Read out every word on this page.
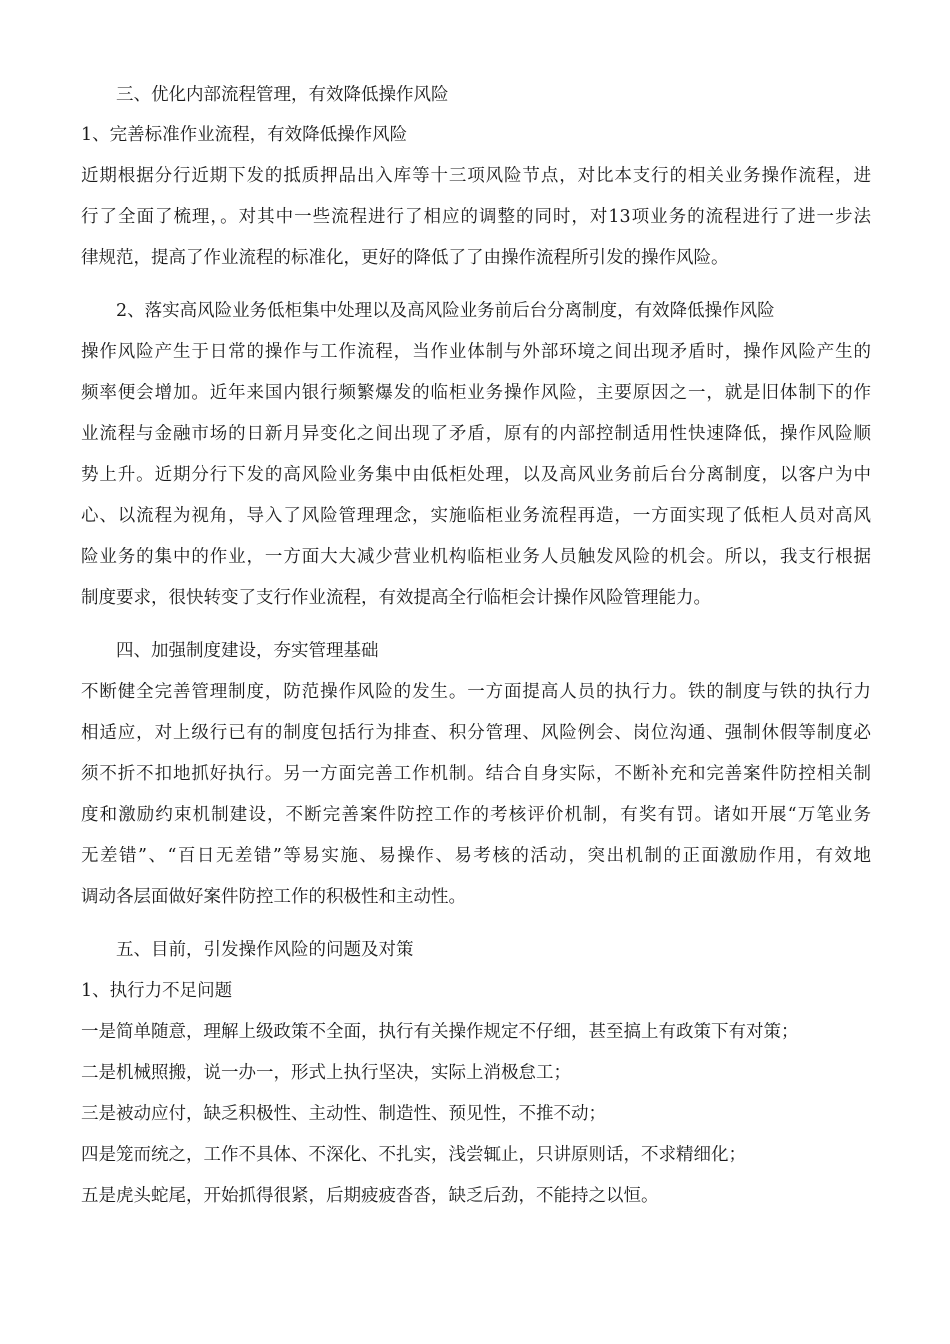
三、优化内部流程管理，有效降低操作风险
1、完善标准作业流程，有效降低操作风险
近期根据分行近期下发的抵质押品出入库等十三项风险节点，对比本支行的相关业务操作流程，进
行了全面了梳理，。对其中一些流程进行了相应的调整的同时，对13项业务的流程进行了进一步法
律规范，提高了作业流程的标准化，更好的降低了了由操作流程所引发的操作风险。
2、落实高风险业务低柜集中处理以及高风险业务前后台分离制度，有效降低操作风险
操作风险产生于日常的操作与工作流程，当作业体制与外部环境之间出现矛盾时，操作风险产生的
频率便会增加。近年来国内银行频繁爆发的临柜业务操作风险，主要原因之一，就是旧体制下的作
业流程与金融市场的日新月异变化之间出现了矛盾，原有的内部控制适用性快速降低，操作风险顺
势上升。近期分行下发的高风险业务集中由低柜处理，以及高风业务前后台分离制度，以客户为中
心、以流程为视角，导入了风险管理理念，实施临柜业务流程再造，一方面实现了低柜人员对高风
险业务的集中的作业，一方面大大减少营业机构临柜业务人员触发风险的机会。所以，我支行根据
制度要求，很快转变了支行作业流程，有效提高全行临柜会计操作风险管理能力。
四、加强制度建设，夯实管理基础
不断健全完善管理制度，防范操作风险的发生。一方面提高人员的执行力。铁的制度与铁的执行力
相适应，对上级行已有的制度包括行为排查、积分管理、风险例会、岗位沟通、强制休假等制度必
须不折不扣地抓好执行。另一方面完善工作机制。结合自身实际，不断补充和完善案件防控相关制
度和激励约束机制建设，不断完善案件防控工作的考核评价机制，有奖有罚。诸如开展“万笔业务
无差错”、“百日无差错”等易实施、易操作、易考核的活动，突出机制的正面激励作用，有效地
调动各层面做好案件防控工作的积极性和主动性。
五、目前，引发操作风险的问题及对策
1、执行力不足问题
一是简单随意，理解上级政策不全面，执行有关操作规定不仔细，甚至搞上有政策下有对策；
二是机械照搬，说一办一，形式上执行坚决，实际上消极怠工；
三是被动应付，缺乏积极性、主动性、制造性、预见性，不推不动；
四是笼而统之，工作不具体、不深化、不扎实，浅尝辄止，只讲原则话，不求精细化；
五是虎头蛇尾，开始抓得很紧，后期疲疲沓沓，缺乏后劲，不能持之以恒。
